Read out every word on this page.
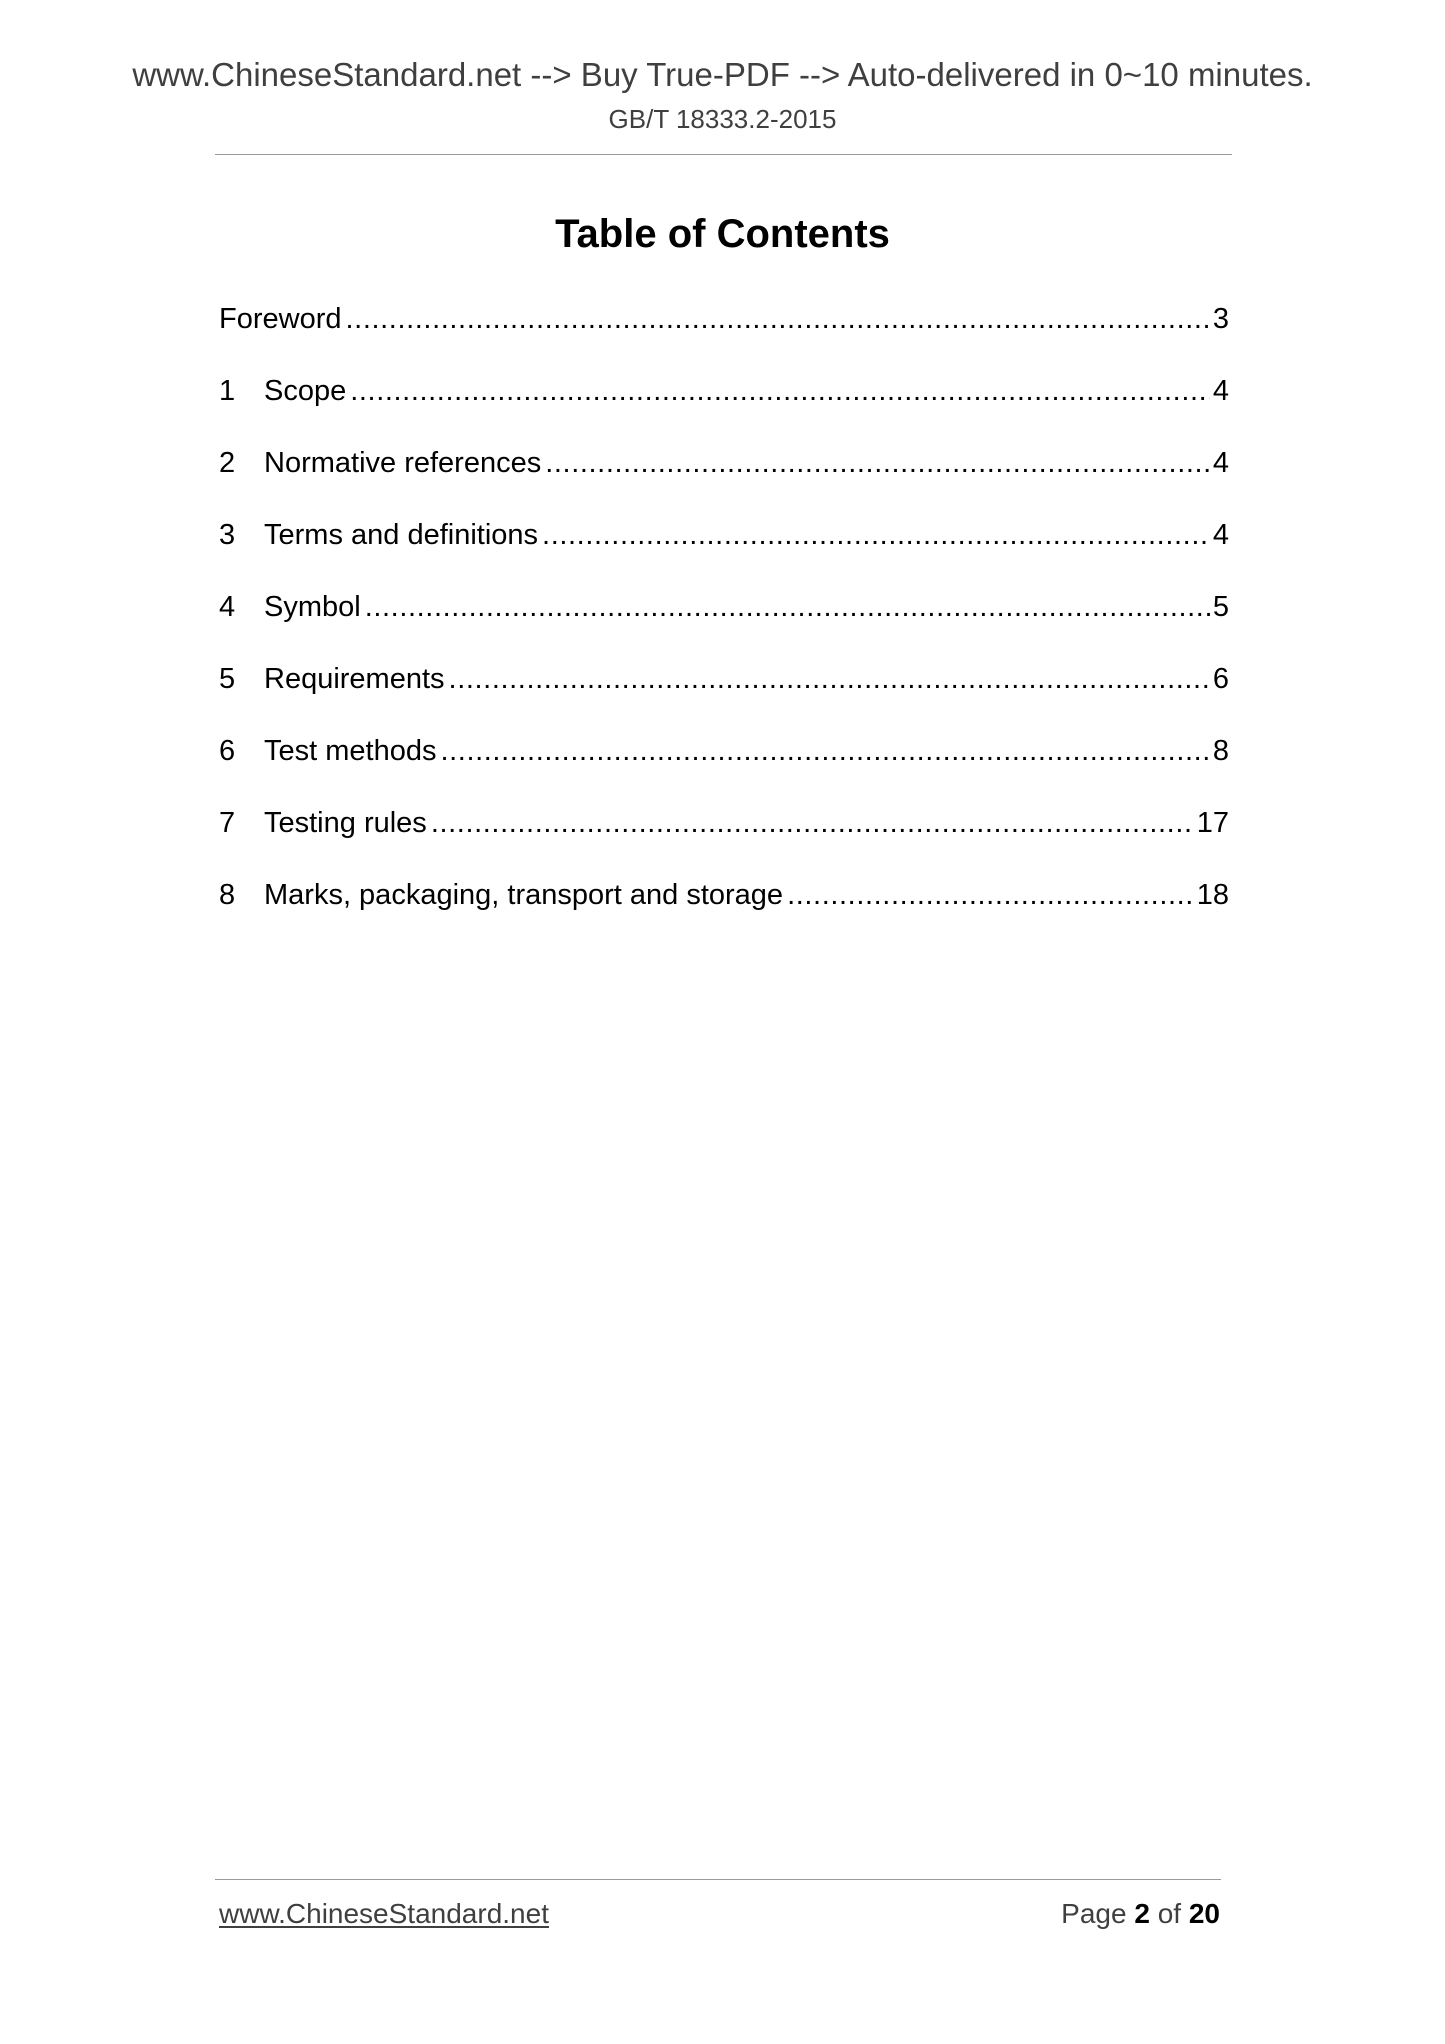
www.ChineseStandard.net --> Buy True-PDF --> Auto-delivered in 0~10 minutes.
GB/T 18333.2-2015
Table of Contents
Foreword .....	3
1 Scope .....	4
2 Normative references .....	4
3 Terms and definitions .....	4
4 Symbol .....	5
5 Requirements .....	6
6 Test methods .....	8
7 Testing rules .....	17
8 Marks, packaging, transport and storage .....	18
www.ChineseStandard.net	Page 2 of 20
